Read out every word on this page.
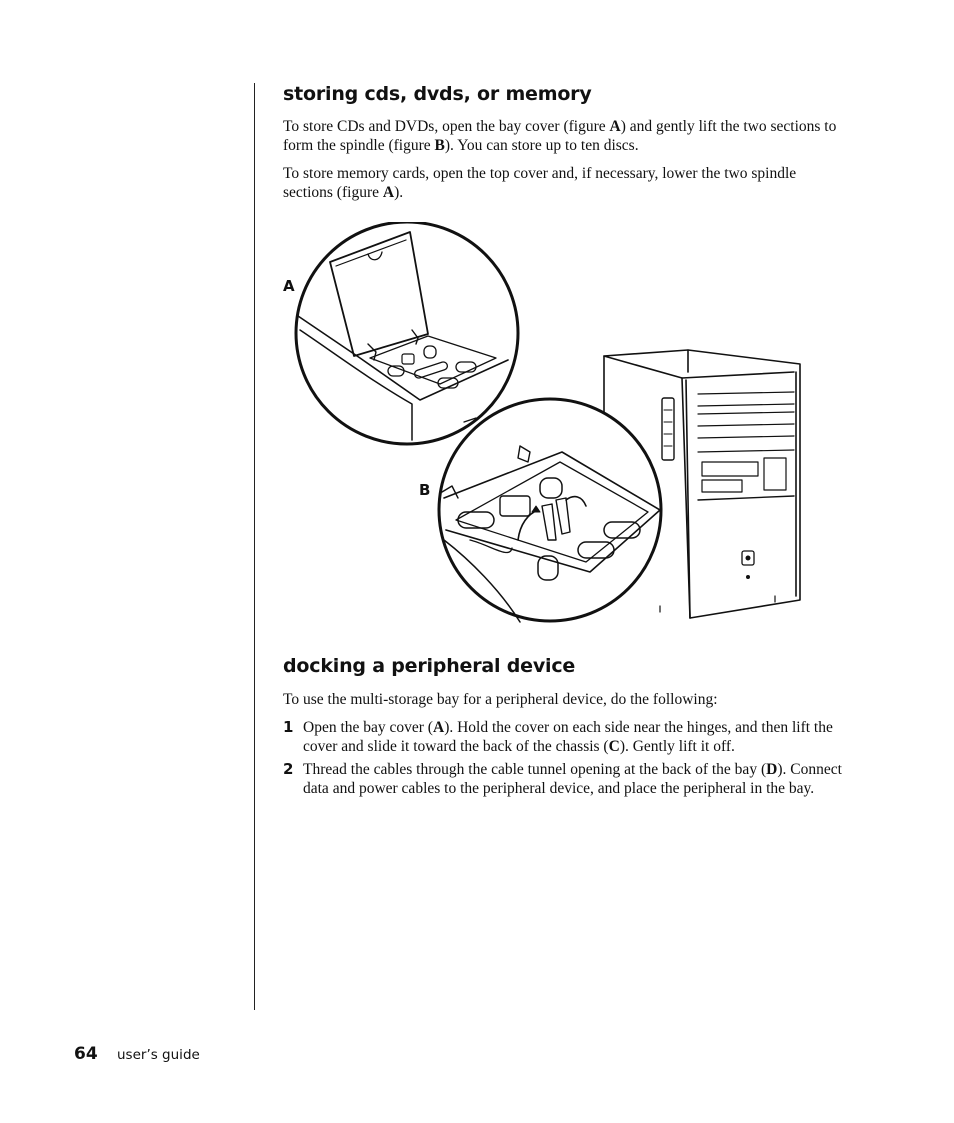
storing cds, dvds, or memory

To store CDs and DVDs, open the bay cover (figure A) and gently lift the two sections to form the spindle (figure B). You can store up to ten discs.

To store memory cards, open the top cover and, if necessary, lower the two spindle sections (figure A).

A
B
docking a peripheral device

To use the multi-storage bay for a peripheral device, do the following:

1 Open the bay cover (A). Hold the cover on each side near the hinges, and then lift the cover and slide it toward the back of the chassis (C). Gently lift it off.
2 Thread the cables through the cable tunnel opening at the back of the bay (D). Connect data and power cables to the peripheral device, and place the peripheral in the bay.
64 user’s guide
